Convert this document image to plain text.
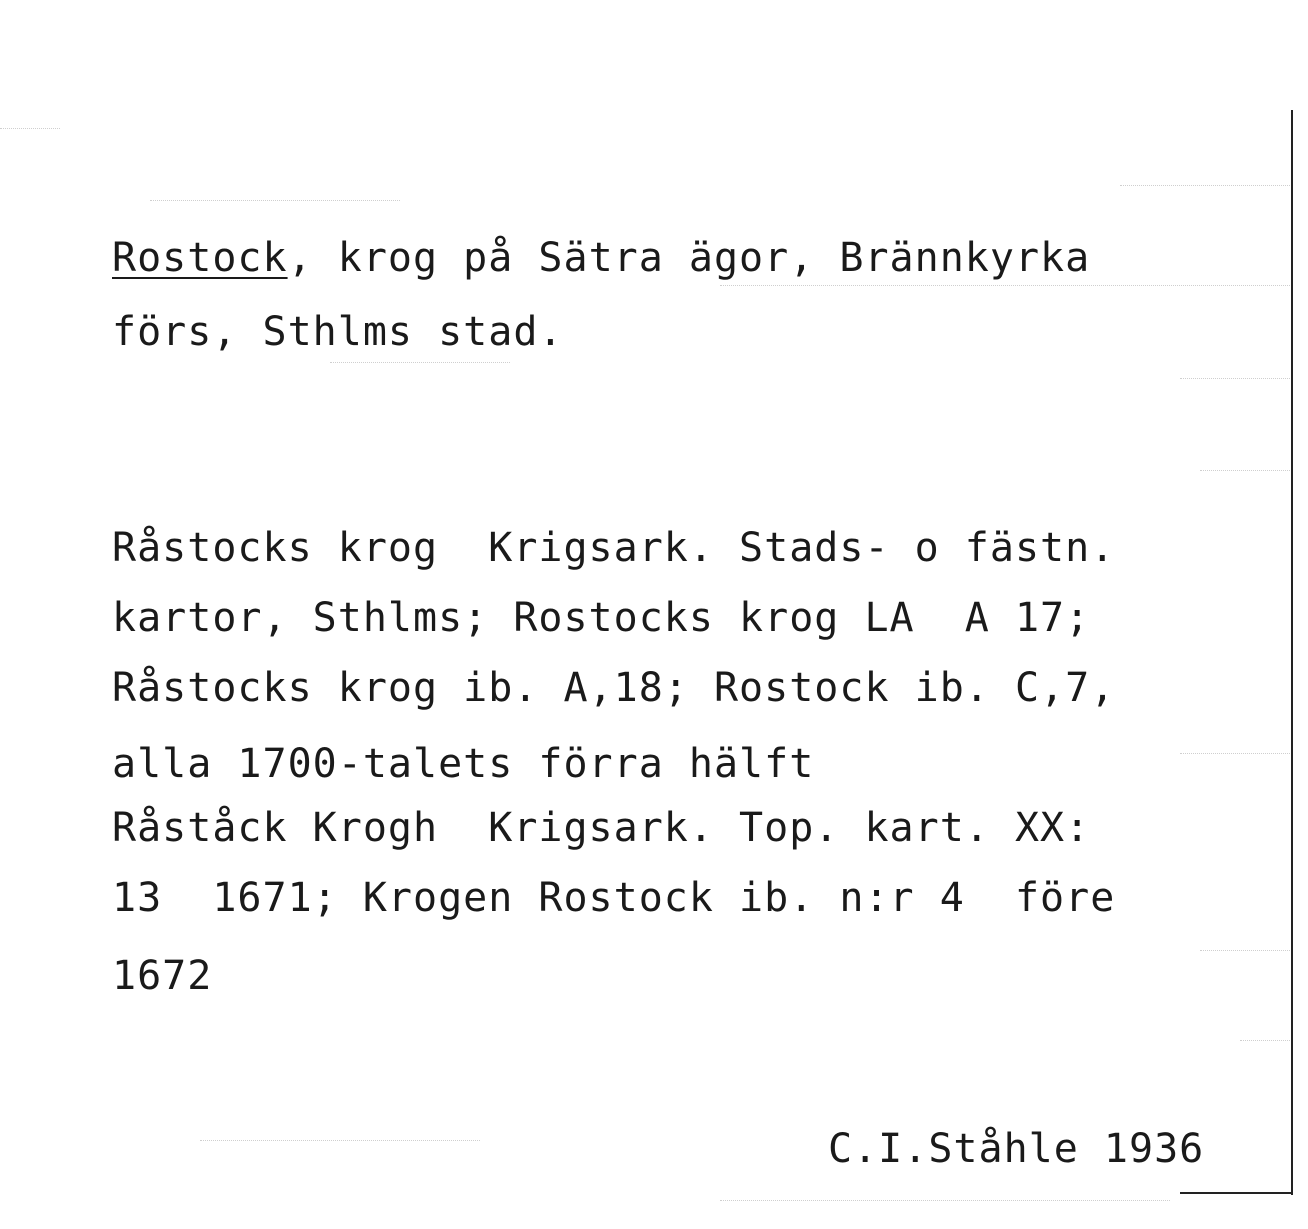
Rostock, krog på Sätra ägor, Brännkyrka
förs, Sthlms stad.
Råstocks krog  Krigsark. Stads- o fästn.
kartor, Sthlms; Rostocks krog LA  A 17;
Råstocks krog ib. A,18; Rostock ib. C,7,
alla 1700-talets förra hälft
Råståck Krogh  Krigsark. Top. kart. XX:
13  1671; Krogen Rostock ib. n:r 4  före
1672
C.I.Ståhle 1936
